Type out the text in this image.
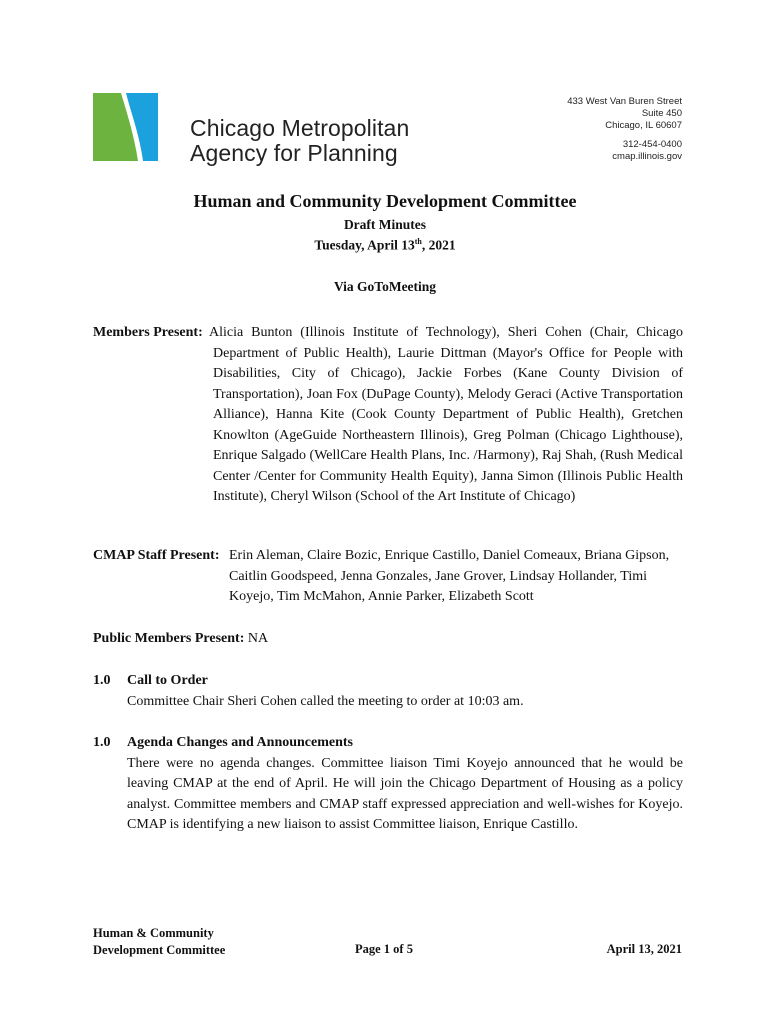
Chicago Metropolitan
Agency for Planning
433 West Van Buren Street
Suite 450
Chicago, IL 60607
312-454-0400
cmap.illinois.gov
Human and Community Development Committee
Draft Minutes
Tuesday, April 13th, 2021
Via GoToMeeting
Members Present: Alicia Bunton (Illinois Institute of Technology), Sheri Cohen (Chair, Chicago Department of Public Health), Laurie Dittman (Mayor's Office for People with Disabilities, City of Chicago), Jackie Forbes (Kane County Division of Transportation), Joan Fox (DuPage County), Melody Geraci (Active Transportation Alliance), Hanna Kite (Cook County Department of Public Health), Gretchen Knowlton (AgeGuide Northeastern Illinois), Greg Polman (Chicago Lighthouse), Enrique Salgado (WellCare Health Plans, Inc. /Harmony), Raj Shah, (Rush Medical Center /Center for Community Health Equity), Janna Simon (Illinois Public Health Institute), Cheryl Wilson (School of the Art Institute of Chicago)
CMAP Staff Present: Erin Aleman, Claire Bozic, Enrique Castillo, Daniel Comeaux, Briana Gipson, Caitlin Goodspeed, Jenna Gonzales, Jane Grover, Lindsay Hollander, Timi Koyejo, Tim McMahon, Annie Parker, Elizabeth Scott
Public Members Present: NA
1.0	Call to Order
Committee Chair Sheri Cohen called the meeting to order at 10:03 am.
1.0	Agenda Changes and Announcements
There were no agenda changes. Committee liaison Timi Koyejo announced that he would be leaving CMAP at the end of April. He will join the Chicago Department of Housing as a policy analyst. Committee members and CMAP staff expressed appreciation and well-wishes for Koyejo. CMAP is identifying a new liaison to assist Committee liaison, Enrique Castillo.
Human & Community
Development Committee	Page 1 of 5	April 13, 2021
